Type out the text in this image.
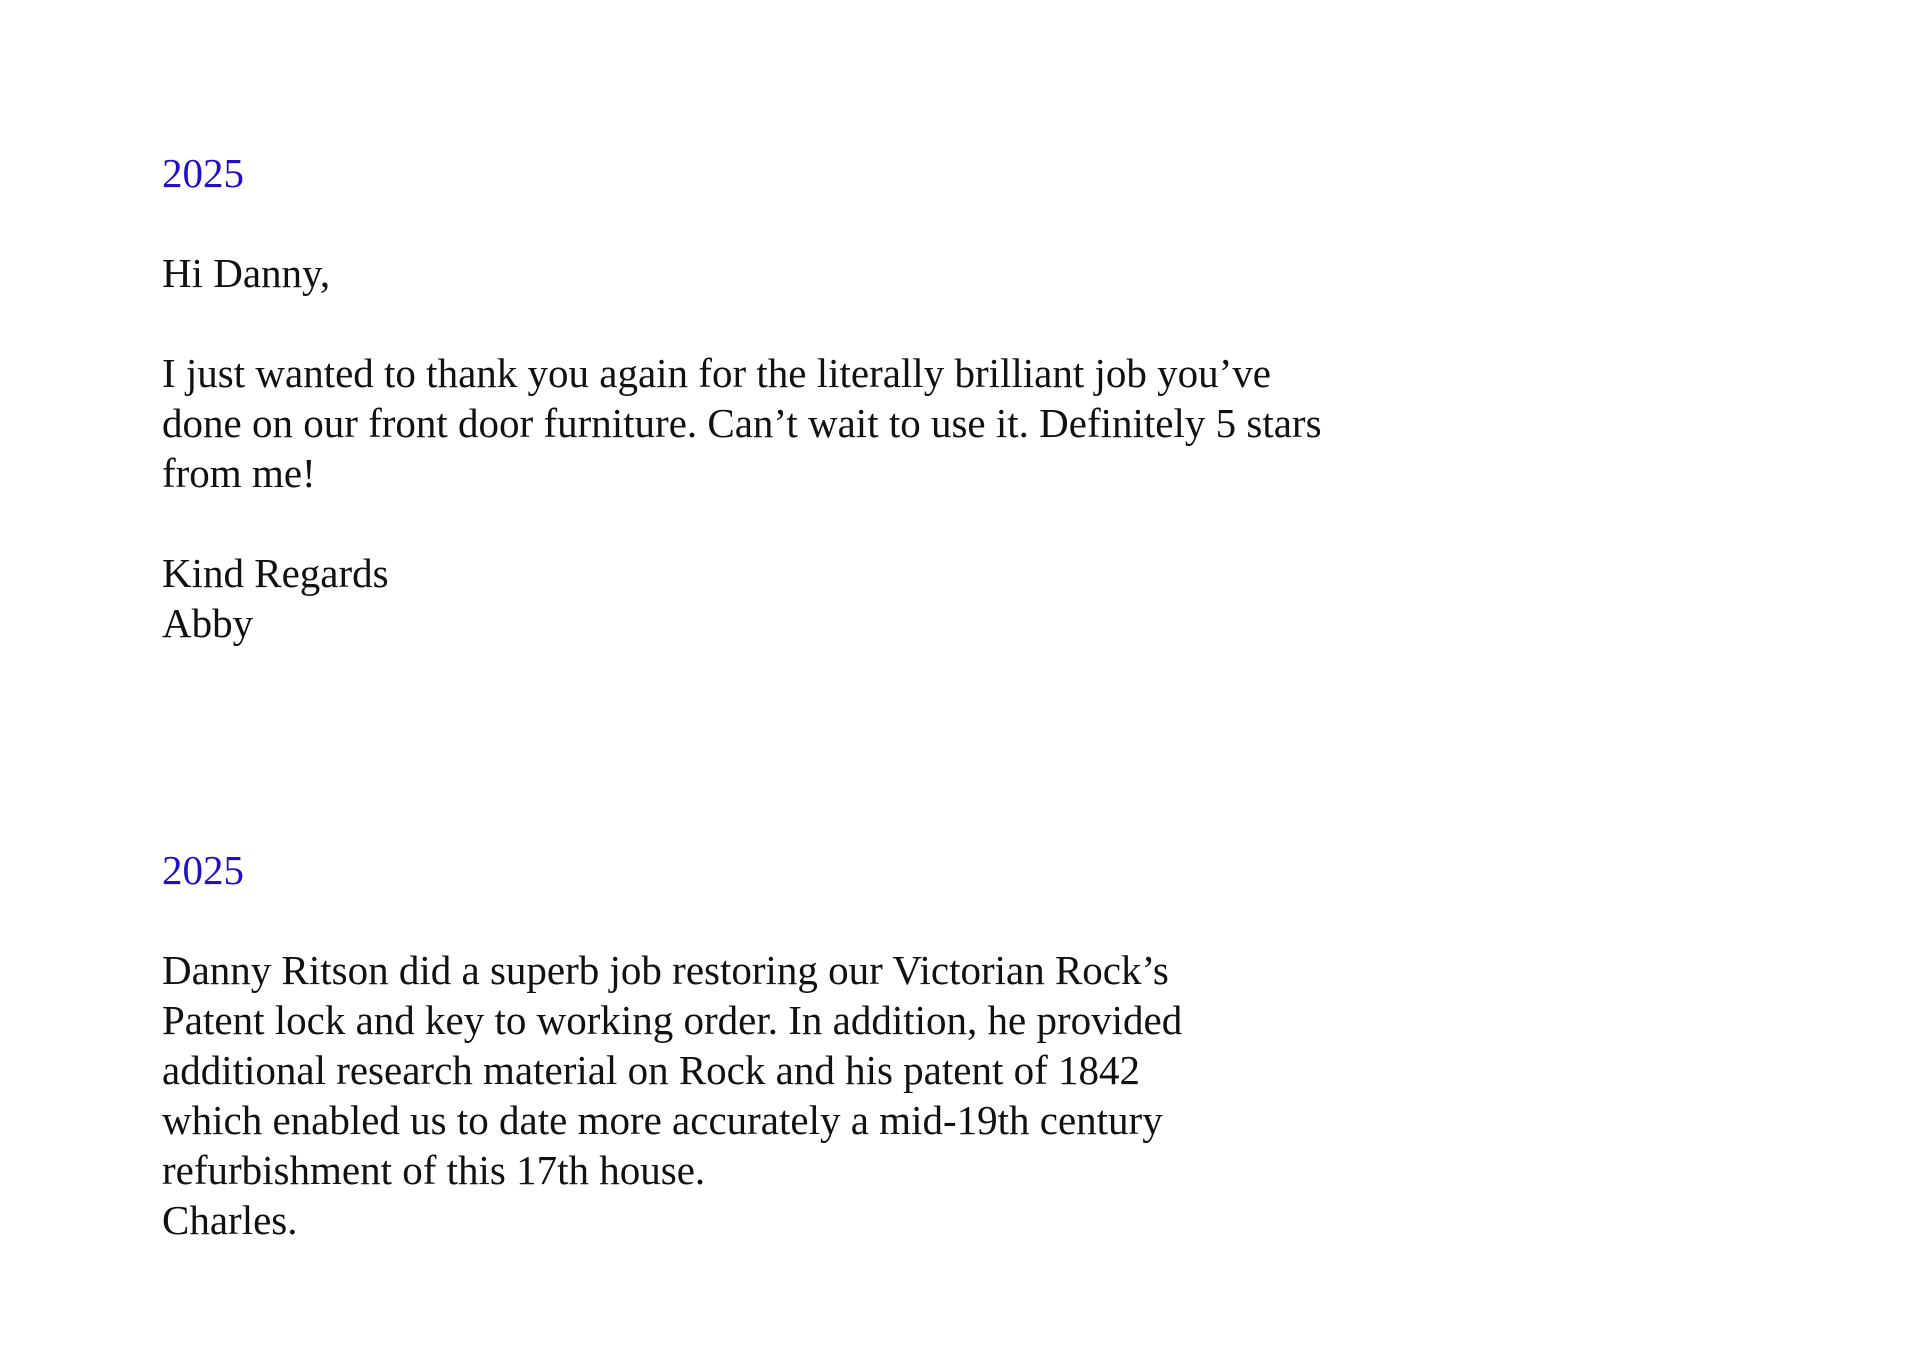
2025

Hi Danny,

I just wanted to thank you again for the literally brilliant job you’ve

done on our front door furniture. Can’t wait to use it. Definitely 5 stars

from me!

Kind Regards

Abby

2025

Danny Ritson did a superb job restoring our Victorian Rock’s

Patent lock and key to working order. In addition, he provided

additional research material on Rock and his patent of 1842

which enabled us to date more accurately a mid-19th century

refurbishment of this 17th house.

Charles.
